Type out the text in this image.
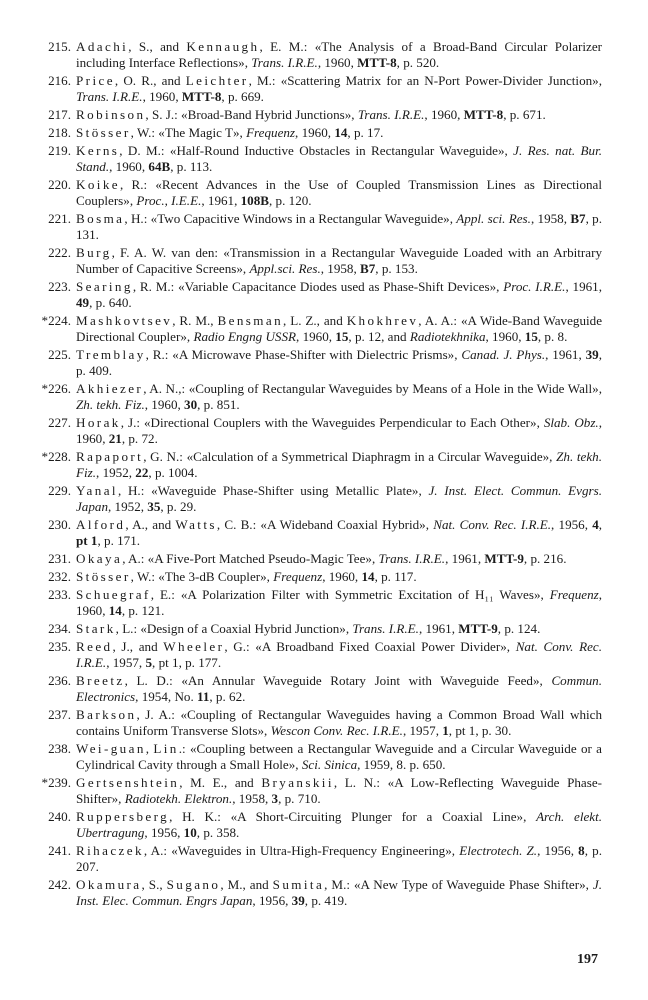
215. Adachi, S., and Kennaugh, E. M.: «The Analysis of a Broad-Band Circular Polarizer including Interface Reflections», Trans. I.R.E., 1960, MTT-8, p. 520.
216. Price, O. R., and Leichter, M.: «Scattering Matrix for an N-Port Power-Divider Junction», Trans. I.R.E., 1960, MTT-8, p. 669.
217. Robinson, S. J.: «Broad-Band Hybrid Junctions», Trans. I.R.E., 1960, MTT-8, p. 671.
218. Stösser, W.: «The Magic T», Frequenz, 1960, 14, p. 17.
219. Kerns, D. M.: «Half-Round Inductive Obstacles in Rectangular Waveguide», J. Res. nat. Bur. Stand., 1960, 64B, p. 113.
220. Koike, R.: «Recent Advances in the Use of Coupled Transmission Lines as Directional Couplers», Proc., I.E.E., 1961, 108B, p. 120.
221. Bosma, H.: «Two Capacitive Windows in a Rectangular Waveguide», Appl. sci. Res., 1958, B7, p. 131.
222. Burg, F. A. W. van den: «Transmission in a Rectangular Waveguide Loaded with an Arbitrary Number of Capacitive Screens», Appl.sci. Res., 1958, B7, p. 153.
223. Searing, R. M.: «Variable Capacitance Diodes used as Phase-Shift Devices», Proc. I.R.E., 1961, 49, p. 640.
*224. Mashkovtsev, R. M., Bensman, L. Z., and Khokhrev, A. A.: «A Wide-Band Waveguide Directional Coupler», Radio Engng USSR, 1960, 15, p. 12, and Radiotekhnika, 1960, 15, p. 8.
225. Tremblay, R.: «A Microwave Phase-Shifter with Dielectric Prisms», Canad. J. Phys., 1961, 39, p. 409.
*226. Akhiezer, A. N.,: «Coupling of Rectangular Waveguides by Means of a Hole in the Wide Wall», Zh. tekh. Fiz., 1960, 30, p. 851.
227. Horak, J.: «Directional Couplers with the Waveguides Perpendicular to Each Other», Slab. Obz., 1960, 21, p. 72.
*228. Rapaport, G. N.: «Calculation of a Symmetrical Diaphragm in a Circular Waveguide», Zh. tekh. Fiz., 1952, 22, p. 1004.
229. Yanal, H.: «Waveguide Phase-Shifter using Metallic Plate», J. Inst. Elect. Commun. Evgrs. Japan, 1952, 35, p. 29.
230. Alford, A., and Watts, C. B.: «A Wideband Coaxial Hybrid», Nat. Conv. Rec. I.R.E., 1956, 4, pt 1, p. 171.
231. Okaya, A.: «A Five-Port Matched Pseudo-Magic Tee», Trans. I.R.E., 1961, MTT-9, p. 216.
232. Stösser, W.: «The 3-dB Coupler», Frequenz, 1960, 14, p. 117.
233. Schuegraf, E.: «A Polarization Filter with Symmetric Excitation of H₁₁ Waves», Frequenz, 1960, 14, p. 121.
234. Stark, L.: «Design of a Coaxial Hybrid Junction», Trans. I.R.E., 1961, MTT-9, p. 124.
235. Reed, J., and Wheeler, G.: «A Broadband Fixed Coaxial Power Divider», Nat. Conv. Rec. I.R.E., 1957, 5, pt 1, p. 177.
236. Breetz, L. D.: «An Annular Waveguide Rotary Joint with Waveguide Feed», Commun. Electronics, 1954, No. 11, p. 62.
237. Barkson, J. A.: «Coupling of Rectangular Waveguides having a Common Broad Wall which contains Uniform Transverse Slots», Wescon Conv. Rec. I.R.E., 1957, 1, pt 1, p. 30.
238. Wei-guan, Lin.: «Coupling between a Rectangular Waveguide and a Circular Waveguide or a Cylindrical Cavity through a Small Hole», Sci. Sinica, 1959, 8. p. 650.
*239. Gertsenshtein, M. E., and Bryanskii, L. N.: «A Low-Reflecting Waveguide Phase-Shifter», Radiotekh. Elektron., 1958, 3, p. 710.
240. Ruppersberg, H. K.: «A Short-Circuiting Plunger for a Coaxial Line», Arch. elekt. Ubertragung, 1956, 10, p. 358.
241. Rihaczek, A.: «Waveguides in Ultra-High-Frequency Engineering», Electrotech. Z., 1956, 8, p. 207.
242. Okamura, S., Sugano, M., and Sumita, M.: «A New Type of Waveguide Phase Shifter», J. Inst. Elec. Commun. Engrs Japan, 1956, 39, p. 419.
197
